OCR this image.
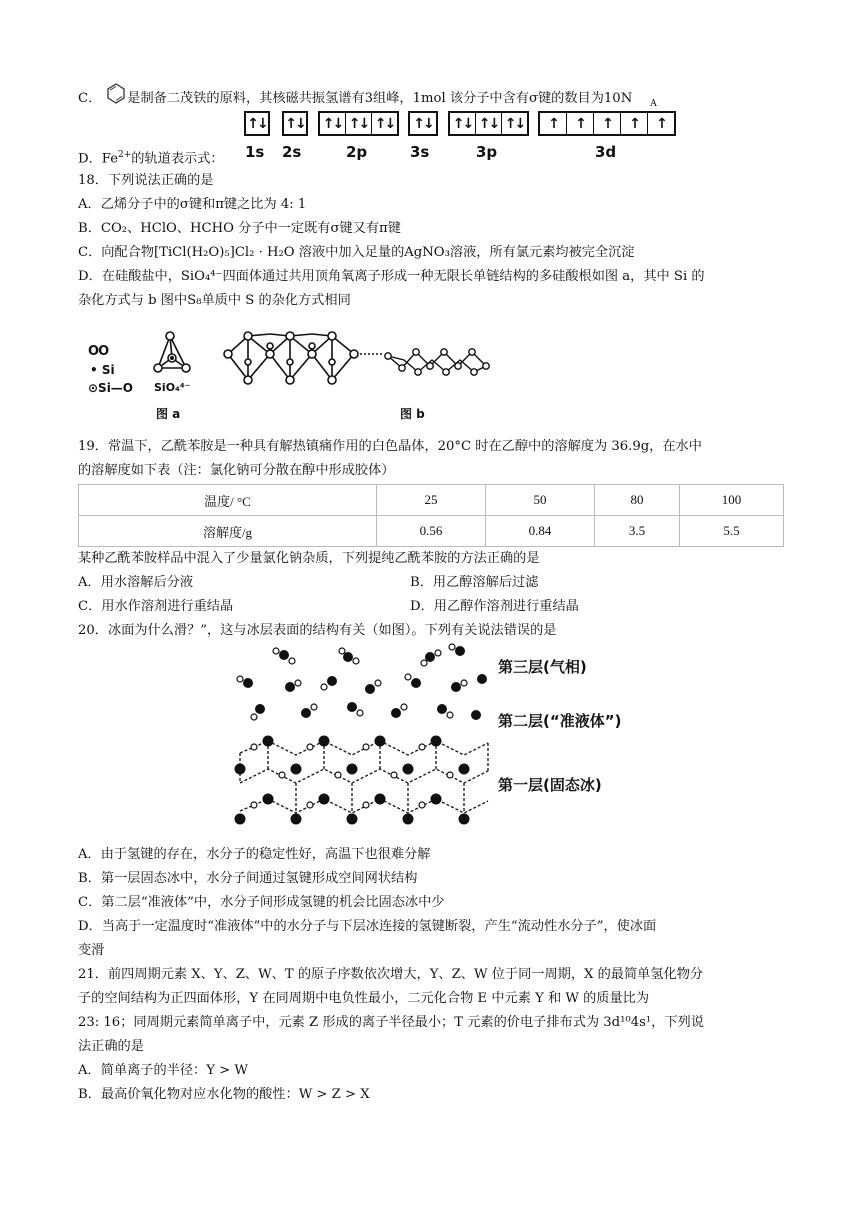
C． 是制备二茂铁的原料，其核磁共振氢谱有3组峰，1mol 该分子中含有σ键的数目为10N $_A$
D．$Fe^{2+}$的轨道表示式：
↑↓ ↑↓ ↑↓ ↑↓ ↑↓ ↑↓ ↑↓ ↑↓ ↑↓	↑	↑	↑	↑	↑
1s 2s	2p	3s	3p	3d
18．下列说法正确的是
A．乙烯分子中的σ键和π键之比为 4: 1
B．CO₂、HClO、HCHO 分子中一定既有σ键又有π键
C．向配合物[TiCl(H₂O)₅]Cl₂ · H₂O 溶液中加入足量的AgNO₃溶液，所有氯元素均被完全沉淀
D．在硅酸盐中，SiO₄⁴⁻四面体通过共用顶角氧离子形成一种无限长单链结构的多硅酸根如图 a，其中 Si 的
杂化方式与 b 图中S₈单质中 S 的杂化方式相同
OO
• Si
⊙Si—O SiO₄⁴⁻
图 a	图 b
19．常温下，乙酰苯胺是一种具有解热镇痛作用的白色晶体，20°C 时在乙醇中的溶解度为 36.9g，在水中
的溶解度如下表（注：氯化钠可分散在醇中形成胶体）
温度/ °C	25	50	80	100
溶解度/g	0.56	0.84	3.5	5.5
某种乙酰苯胺样品中混入了少量氯化钠杂质，下列提纯乙酰苯胺的方法正确的是
A．用水溶解后分液	B．用乙醇溶解后过滤
C．用水作溶剂进行重结晶	D．用乙醇作溶剂进行重结晶
20．冰面为什么滑？”，这与冰层表面的结构有关（如图）。下列有关说法错误的是
第三层(气相)
第二层(“准液体”)
第一层(固态冰)
A．由于氢键的存在，水分子的稳定性好，高温下也很难分解
B．第一层固态冰中，水分子间通过氢键形成空间网状结构
C．第二层“准液体”中，水分子间形成氢键的机会比固态冰中少
D．当高于一定温度时“准液体”中的水分子与下层冰连接的氢键断裂，产生“流动性水分子”，使冰面
变滑
21．前四周期元素 X、Y、Z、W、T 的原子序数依次增大，Y、Z、W 位于同一周期，X 的最简单氢化物分
子的空间结构为正四面体形，Y 在同周期中电负性最小，二元化合物 E 中元素 Y 和 W 的质量比为
23: 16；同周期元素简单离子中，元素 Z 形成的离子半径最小；T 元素的价电子排布式为 3d¹⁰4s¹，下列说
法正确的是
A．简单离子的半径：Y > W
B．最高价氧化物对应水化物的酸性：W > Z > X
